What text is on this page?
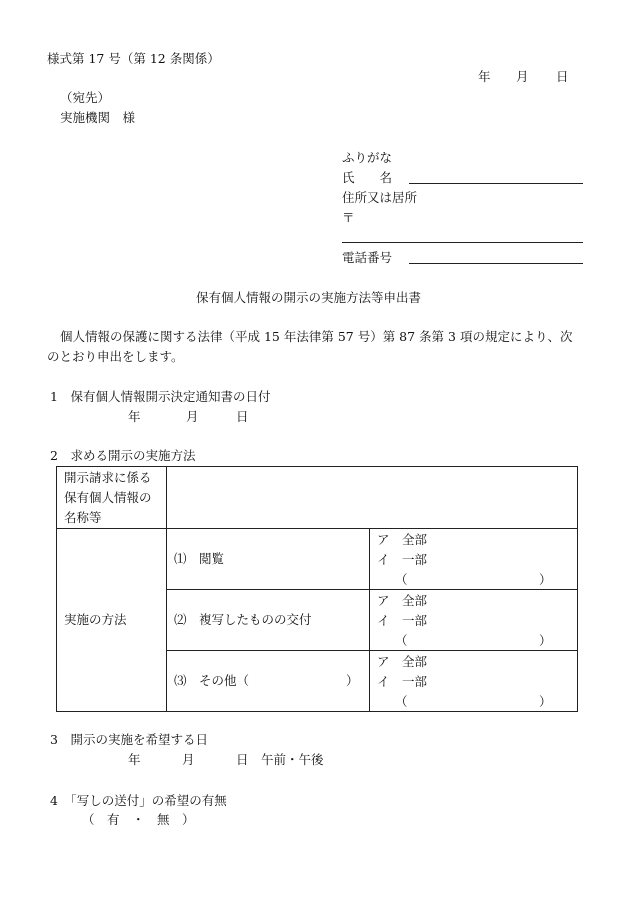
様式第 17 号（第 12 条関係）
年 月 日
（宛先）
実施機関　様
ふりがな
氏　　名
住所又は居所
〒
電話番号
保有個人情報の開示の実施方法等申出書
個人情報の保護に関する法律（平成 15 年法律第 57 号）第 87 条第 3 項の規定により、次
のとおり申出をします。
1　保有個人情報開示決定通知書の日付
年	月	日
2　求める開示の実施方法
開示請求に係る
保有個人情報の
名称等		

実施の方法	⑴　閲覧	ア　全部
イ　一部
（ ）

	⑵　複写したものの交付	ア　全部
イ　一部
（ ）

	⑶　その他（ ）	ア　全部
イ　一部
（ ）
3　開示の実施を希望する日
年	月	日 午前・午後
4　「写しの送付」の希望の有無
（　有　・　無　）
